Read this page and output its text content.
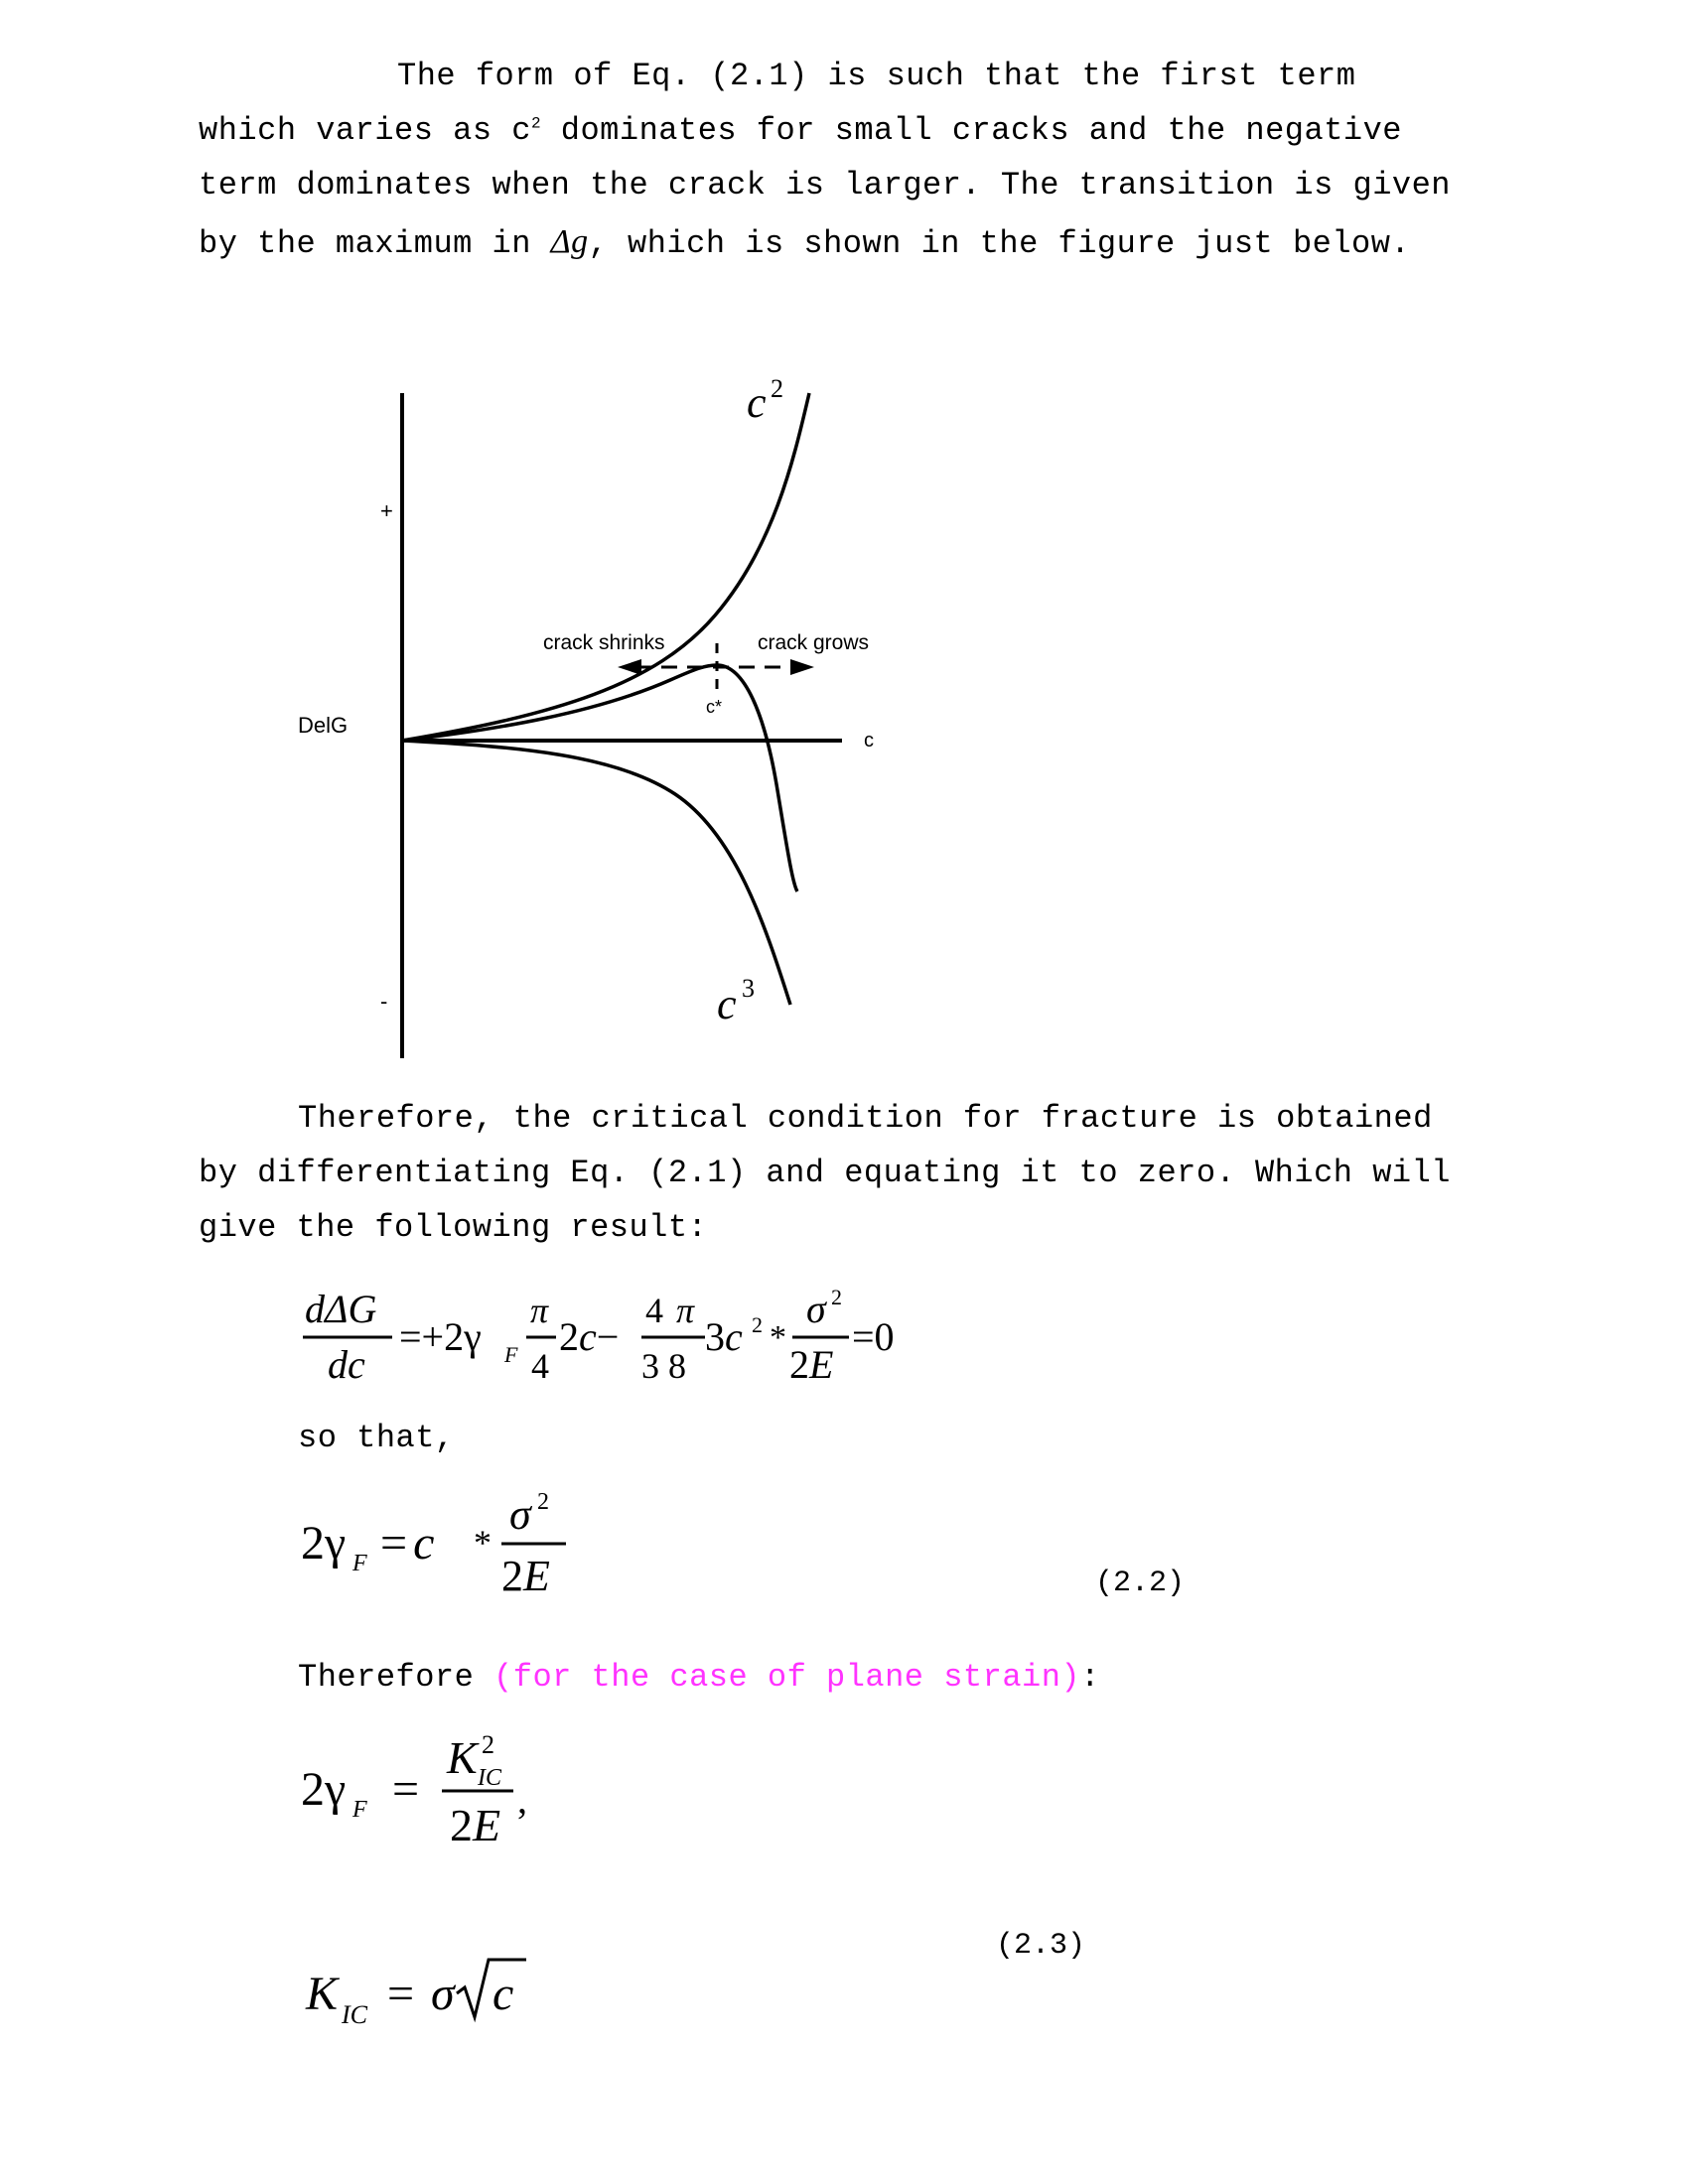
The form of Eq. (2.1) is such that the first term
which varies as $c^2$ dominates for small cracks and the negative
term dominates when the crack is larger. The transition is given
by the maximum in Δg, which is shown in the figure just below.
+
-
DelG
c
crack shrinks	crack grows
c*
c 2
c 3
Therefore, the critical condition for fracture is obtained
by differentiating Eq. (2.1) and equating it to zero. Which will
give the following result:
dΔG
dc
=+2γ F
π
4
2c−
4 π
3 8
3c 2 *
σ 2
2E
=0
so that,
2γ F = c *
σ 2
2E	(2.2)
Therefore (for the case of plane strain):
2γ F =
K 2
IC
2E
,
(2.3)
K IC = σ c
